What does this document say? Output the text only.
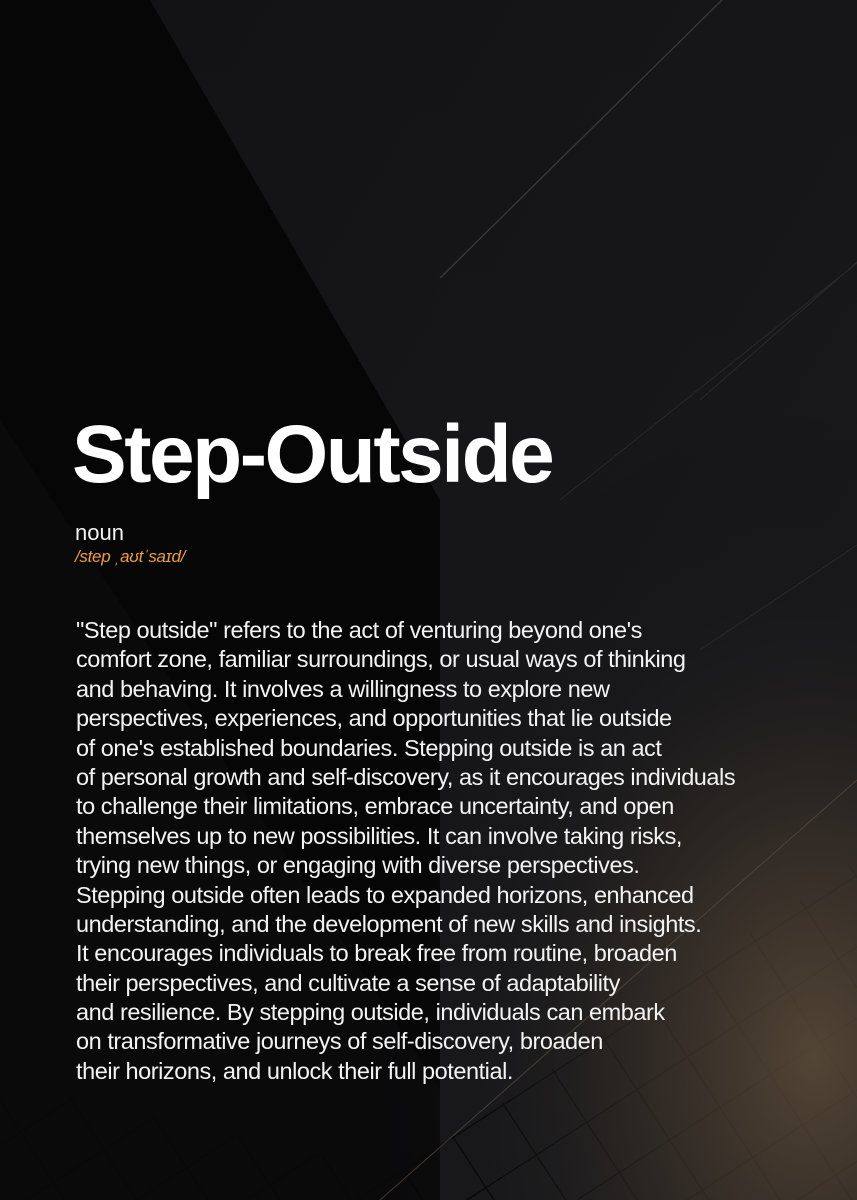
Step-Outside
noun
/step ˌaʊtˈsaɪd/
"Step outside" refers to the act of venturing beyond one's
comfort zone, familiar surroundings, or usual ways of thinking
and behaving. It involves a willingness to explore new
perspectives, experiences, and opportunities that lie outside
of one's established boundaries. Stepping outside is an act
of personal growth and self-discovery, as it encourages individuals
to challenge their limitations, embrace uncertainty, and open
themselves up to new possibilities. It can involve taking risks,
trying new things, or engaging with diverse perspectives.
Stepping outside often leads to expanded horizons, enhanced
understanding, and the development of new skills and insights.
It encourages individuals to break free from routine, broaden
their perspectives, and cultivate a sense of adaptability
and resilience. By stepping outside, individuals can embark
on transformative journeys of self-discovery, broaden
their horizons, and unlock their full potential.
